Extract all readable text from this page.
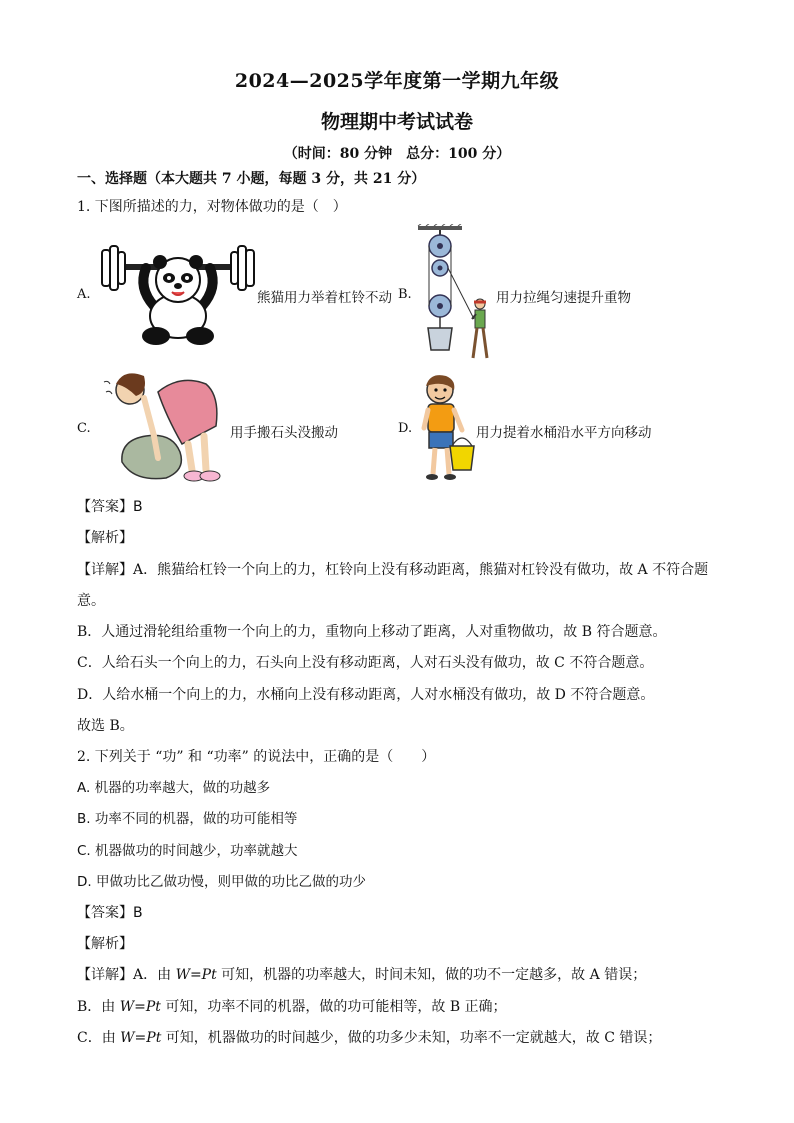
2024—2025学年度第一学期九年级
物理期中考试试卷
（时间：80 分钟　总分：100 分）
一、选择题（本大题共 7 小题，每题 3 分，共 21 分）
1. 下图所描述的力，对物体做功的是（　）
A.	熊猫用力举着杠铃不动 B.	用力拉绳匀速提升重物
C.	用手搬石头没搬动	D.	用力提着水桶沿水平方向移动
【答案】B
【解析】
【详解】A．熊猫给杠铃一个向上的力，杠铃向上没有移动距离，熊猫对杠铃没有做功，故 A 不符合题
意。
B．人通过滑轮组给重物一个向上的力，重物向上移动了距离，人对重物做功，故 B 符合题意。
C．人给石头一个向上的力，石头向上没有移动距离，人对石头没有做功，故 C 不符合题意。
D．人给水桶一个向上的力，水桶向上没有移动距离，人对水桶没有做功，故 D 不符合题意。
故选 B。
2. 下列关于 “功” 和 “功率” 的说法中，正确的是（　　）
A. 机器的功率越大，做的功越多
B. 功率不同的机器，做的功可能相等
C. 机器做功的时间越少，功率就越大
D. 甲做功比乙做功慢，则甲做的功比乙做的功少
【答案】B
【解析】
【详解】A．由 W=Pt 可知，机器的功率越大，时间未知，做的功不一定越多，故 A 错误；
B．由 W=Pt 可知，功率不同的机器，做的功可能相等，故 B 正确；
C．由 W=Pt 可知，机器做功的时间越少，做的功多少未知，功率不一定就越大，故 C 错误；
